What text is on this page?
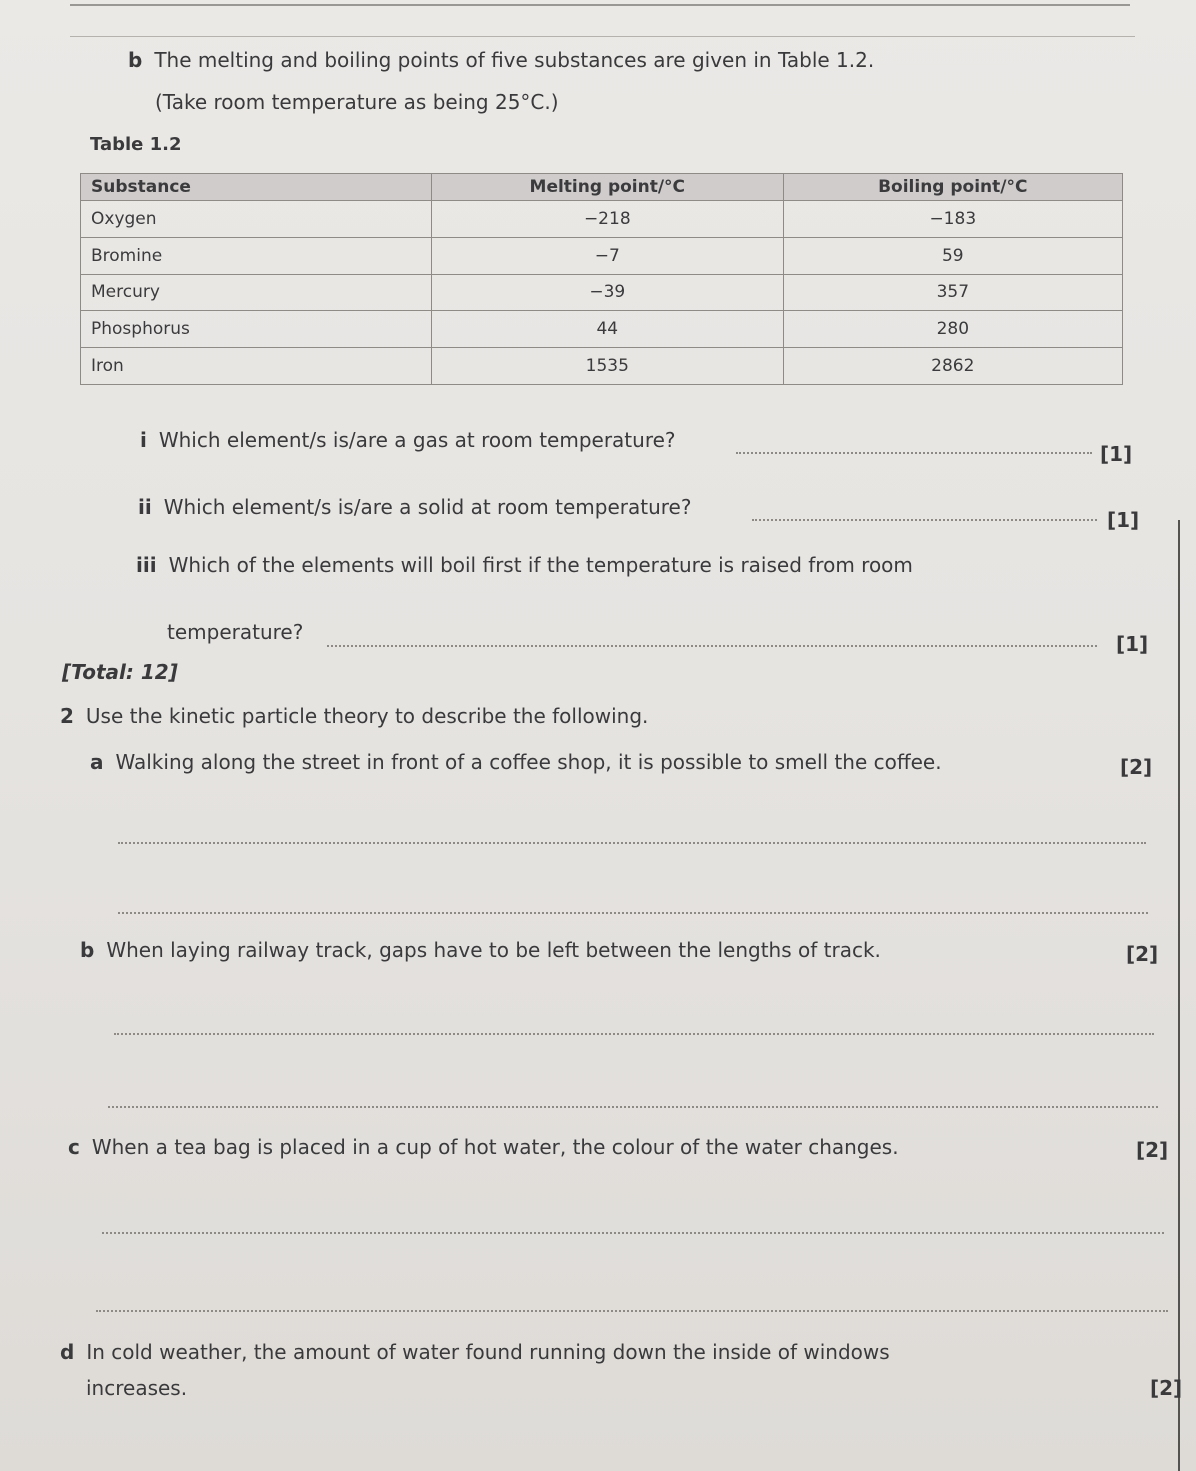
b The melting and boiling points of five substances are given in Table 1.2.
(Take room temperature as being 25°C.)
Table 1.2
Substance	Melting point/°C	Boiling point/°C
Oxygen	−218	−183
Bromine	−7	59
Mercury	−39	357
Phosphorus	44	280
Iron	1535	2862
i Which element/s is/are a gas at room temperature?
[1]
ii Which element/s is/are a solid at room temperature?
[1]
iii Which of the elements will boil first if the temperature is raised from room
temperature?	[1]
[Total: 12]
2 Use the kinetic particle theory to describe the following.
a Walking along the street in front of a coffee shop, it is possible to smell the coffee.	[2]
b When laying railway track, gaps have to be left between the lengths of track.	[2]
c When a tea bag is placed in a cup of hot water, the colour of the water changes.	[2]
d In cold weather, the amount of water found running down the inside of windows
increases.	[2]
